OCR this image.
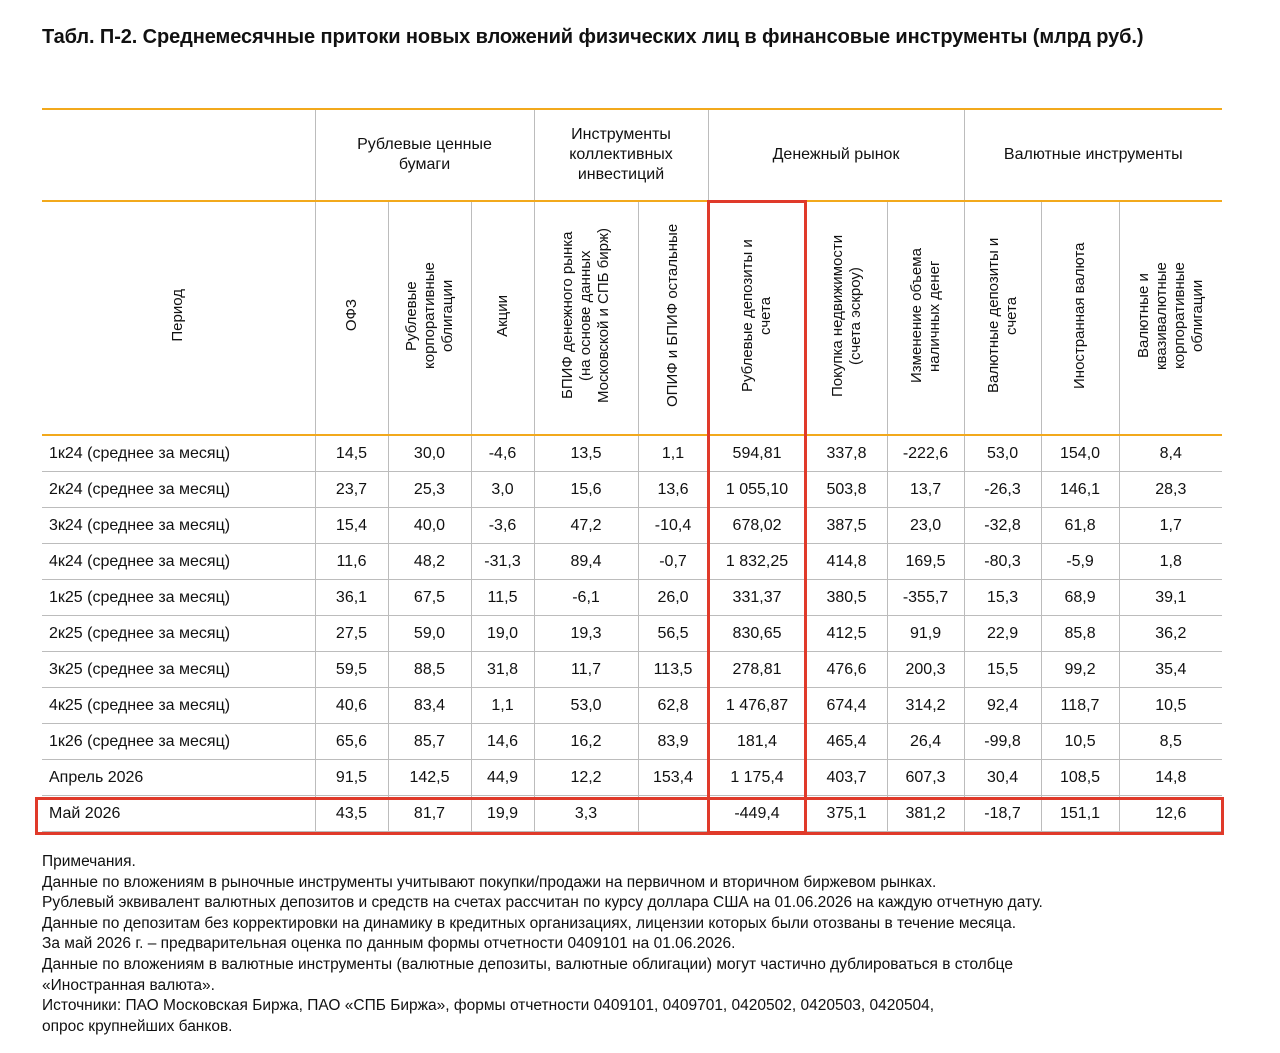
Табл. П-2. Среднемесячные притоки новых вложений физических лиц в финансовые инструменты (млрд руб.)

	Рублевые ценные бумаги			Инструменты коллективных инвестиций		Денежный рынок			Валютные инструменты		
Период	ОФЗ	Рублевые корпоративные облигации	Акции	БПИФ денежного рынка (на основе данных Московской и СПБ бирж)	ОПИФ и БПИФ остальные	Рублевые депозиты и счета	Покупка недвижимости (счета эскроу)	Изменение объема наличных денег	Валютные депозиты и счета	Иностранная валюта	Валютные и квазивалютные корпоративные облигации
1к24 (среднее за месяц)	14,5	30,0	-4,6	13,5	1,1	594,81	337,8	-222,6	53,0	154,0	8,4
2к24 (среднее за месяц)	23,7	25,3	3,0	15,6	13,6	1 055,10	503,8	13,7	-26,3	146,1	28,3
3к24 (среднее за месяц)	15,4	40,0	-3,6	47,2	-10,4	678,02	387,5	23,0	-32,8	61,8	1,7
4к24 (среднее за месяц)	11,6	48,2	-31,3	89,4	-0,7	1 832,25	414,8	169,5	-80,3	-5,9	1,8
1к25 (среднее за месяц)	36,1	67,5	11,5	-6,1	26,0	331,37	380,5	-355,7	15,3	68,9	39,1
2к25 (среднее за месяц)	27,5	59,0	19,0	19,3	56,5	830,65	412,5	91,9	22,9	85,8	36,2
3к25 (среднее за месяц)	59,5	88,5	31,8	11,7	113,5	278,81	476,6	200,3	15,5	99,2	35,4
4к25 (среднее за месяц)	40,6	83,4	1,1	53,0	62,8	1 476,87	674,4	314,2	92,4	118,7	10,5
1к26 (среднее за месяц)	65,6	85,7	14,6	16,2	83,9	181,4	465,4	26,4	-99,8	10,5	8,5
Апрель 2026	91,5	142,5	44,9	12,2	153,4	1 175,4	403,7	607,3	30,4	108,5	14,8
Май 2026	43,5	81,7	19,9	3,3		-449,4	375,1	381,2	-18,7	151,1	12,6
Примечания.
Данные по вложениям в рыночные инструменты учитывают покупки/продажи на первичном и вторичном биржевом рынках.
Рублевый эквивалент валютных депозитов и средств на счетах рассчитан по курсу доллара США на 01.06.2026 на каждую отчетную дату.
Данные по депозитам без корректировки на динамику в кредитных организациях, лицензии которых были отозваны в течение месяца.
За май 2026 г. – предварительная оценка по данным формы отчетности 0409101 на 01.06.2026.
Данные по вложениям в валютные инструменты (валютные депозиты, валютные облигации) могут частично дублироваться в столбце
«Иностранная валюта».
Источники: ПАО Московская Биржа, ПАО «СПБ Биржа», формы отчетности 0409101, 0409701, 0420502, 0420503, 0420504,
опрос крупнейших банков.
